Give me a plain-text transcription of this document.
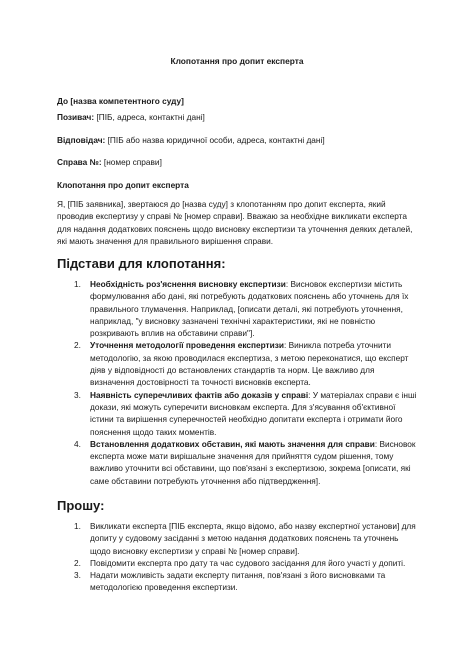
Клопотання про допит експерта
До [назва компетентного суду]
Позивач: [ПІБ, адреса, контактні дані]
Відповідач: [ПІБ або назва юридичної особи, адреса, контактні дані]
Справа №: [номер справи]
Клопотання про допит експерта
Я, [ПІБ заявника], звертаюся до [назва суду] з клопотанням про допит експерта, який проводив експертизу у справі № [номер справи]. Вважаю за необхідне викликати експерта для надання додаткових пояснень щодо висновку експертизи та уточнення деяких деталей, які мають значення для правильного вирішення справи.
Підстави для клопотання:
1. Необхідність роз'яснення висновку експертизи: Висновок експертизи містить формулювання або дані, які потребують додаткових пояснень або уточнень для їх правильного тлумачення. Наприклад, [описати деталі, які потребують уточнення, наприклад, "у висновку зазначені технічні характеристики, які не повністю розкривають вплив на обставини справи"].
2. Уточнення методології проведення експертизи: Виникла потреба уточнити методологію, за якою проводилася експертиза, з метою переконатися, що експерт діяв у відповідності до встановлених стандартів та норм. Це важливо для визначення достовірності та точності висновків експерта.
3. Наявність суперечливих фактів або доказів у справі: У матеріалах справи є інші докази, які можуть суперечити висновкам експерта. Для з'ясування об'єктивної істини та вирішення суперечностей необхідно допитати експерта і отримати його пояснення щодо таких моментів.
4. Встановлення додаткових обставин, які мають значення для справи: Висновок експерта може мати вирішальне значення для прийняття судом рішення, тому важливо уточнити всі обставини, що пов'язані з експертизою, зокрема [описати, які саме обставини потребують уточнення або підтвердження].
Прошу:
1. Викликати експерта [ПІБ експерта, якщо відомо, або назву експертної установи] для допиту у судовому засіданні з метою надання додаткових пояснень та уточнень щодо висновку експертизи у справі № [номер справи].
2. Повідомити експерта про дату та час судового засідання для його участі у допиті.
3. Надати можливість задати експерту питання, пов'язані з його висновками та методологією проведення експертизи.
